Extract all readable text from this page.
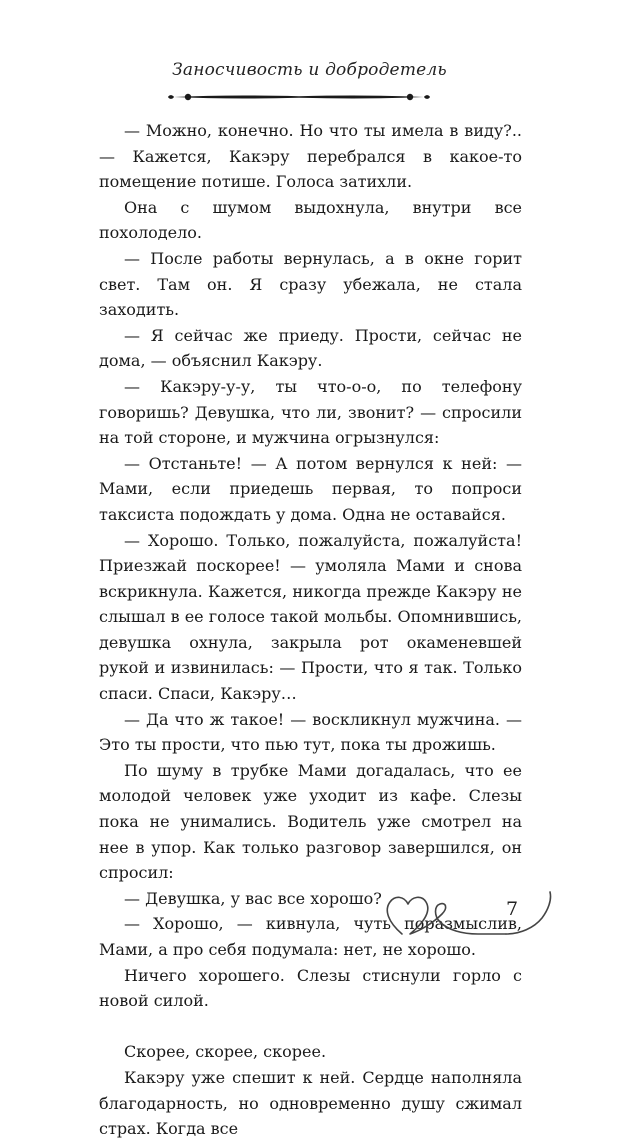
Заносчивость и добродетель

— Можно, конечно. Но что ты имела в виду?.. — Кажется, Какэру перебрался в какое-то помещение потише. Голоса затихли.

Она с шумом выдохнула, внутри все похолодело.

— После работы вернулась, а в окне горит свет. Там он. Я сразу убежала, не стала заходить.

— Я сейчас же приеду. Прости, сейчас не дома, — объяснил Какэру.

— Какэру-у-у, ты что-о-о, по телефону говоришь? Девушка, что ли, звонит? — спросили на той стороне, и мужчина огрызнулся:

— Отстаньте! — А потом вернулся к ней: — Мами, если приедешь первая, то попроси таксиста подождать у дома. Одна не оставайся.

— Хорошо. Только, пожалуйста, пожалуйста! Приезжай поскорее! — умоляла Мами и снова вскрикнула. Кажется, никогда прежде Какэру не слышал в ее голосе такой мольбы. Опомнившись, девушка охнула, закрыла рот окаменевшей рукой и извинилась: — Прости, что я так. Только спаси. Спаси, Какэру…

— Да что ж такое! — воскликнул мужчина. — Это ты прости, что пью тут, пока ты дрожишь.

По шуму в трубке Мами догадалась, что ее молодой человек уже уходит из кафе. Слезы пока не унимались. Водитель уже смотрел на нее в упор. Как только разговор завершился, он спросил:

— Девушка, у вас все хорошо?

— Хорошо, — кивнула, чуть поразмыслив, Мами, а про себя подумала: нет, не хорошо.

Ничего хорошего. Слезы стиснули горло с новой силой.

Скорее, скорее, скорее.

Какэру уже спешит к ней. Сердце наполняла благодарность, но одновременно душу сжимал страх. Когда все

7
